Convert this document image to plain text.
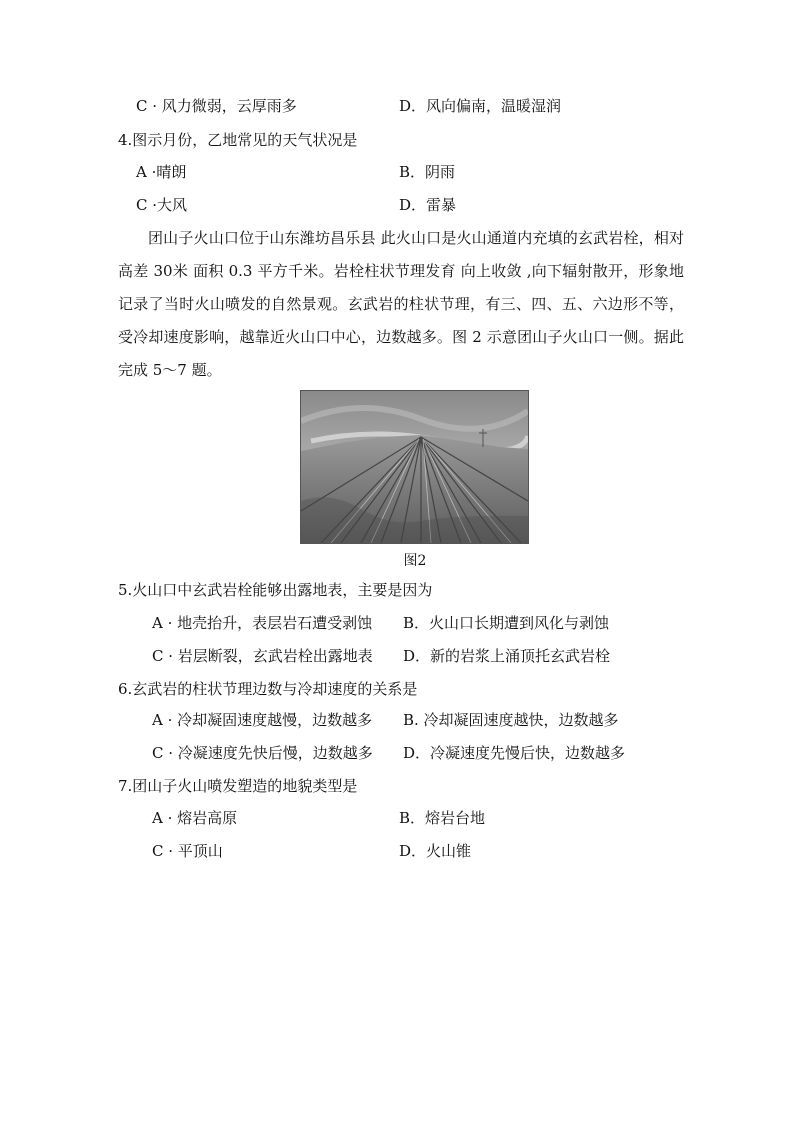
C · 风力微弱，云厚雨多	D．风向偏南，温暖湿润
4.图示月份，乙地常见的天气状况是
A ·晴朗	B．阴雨
C ·大风	D．雷暴
团山子火山口位于山东潍坊昌乐县 此火山口是火山通道内充填的玄武岩栓，相对高差 30米 面积 0.3 平方千米。岩栓柱状节理发育 向上收敛 ,向下辐射散开，形象地记录了当时火山喷发的自然景观。玄武岩的柱状节理，有三、四、五、六边形不等，受冷却速度影响，越靠近火山口中心，边数越多。图 2 示意团山子火山口一侧。据此完成 5～7 题。
图2
5.火山口中玄武岩栓能够出露地表，主要是因为
A · 地壳抬升，表层岩石遭受剥蚀 B．火山口长期遭到风化与剥蚀
C · 岩层断裂，玄武岩栓出露地表 D．新的岩浆上涌顶托玄武岩栓
6.玄武岩的柱状节理边数与冷却速度的关系是
A · 冷却凝固速度越慢，边数越多 B. 冷却凝固速度越快，边数越多
C · 冷凝速度先快后慢，边数越多 D．冷凝速度先慢后快，边数越多
7.团山子火山喷发塑造的地貌类型是
A · 熔岩高原	B．熔岩台地
C · 平顶山	D．火山锥
